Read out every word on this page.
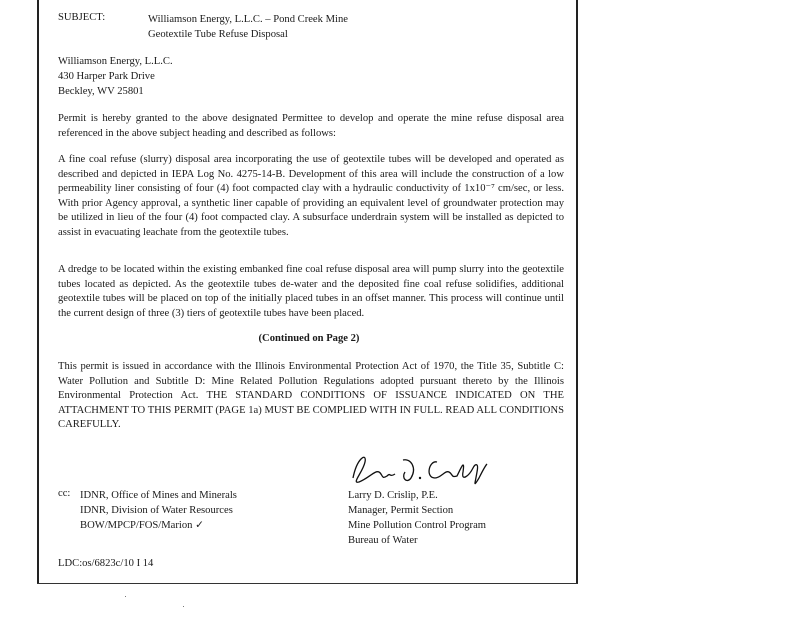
SUBJECT:	Williamson Energy, L.L.C. – Pond Creek Mine
Geotextile Tube Refuse Disposal
Williamson Energy, L.L.C.
430 Harper Park Drive
Beckley, WV 25801
Permit is hereby granted to the above designated Permittee to develop and operate the mine refuse disposal area referenced in the above subject heading and described as follows:
A fine coal refuse (slurry) disposal area incorporating the use of geotextile tubes will be developed and operated as described and depicted in IEPA Log No. 4275-14-B. Development of this area will include the construction of a low permeability liner consisting of four (4) foot compacted clay with a hydraulic conductivity of 1x10⁻⁷ cm/sec, or less. With prior Agency approval, a synthetic liner capable of providing an equivalent level of groundwater protection may be utilized in lieu of the four (4) foot compacted clay. A subsurface underdrain system will be installed as depicted to assist in evacuating leachate from the geotextile tubes.
A dredge to be located within the existing embanked fine coal refuse disposal area will pump slurry into the geotextile tubes located as depicted. As the geotextile tubes de-water and the deposited fine coal refuse solidifies, additional geotextile tubes will be placed on top of the initially placed tubes in an offset manner. This process will continue until the current design of three (3) tiers of geotextile tubes have been placed.
(Continued on Page 2)
This permit is issued in accordance with the Illinois Environmental Protection Act of 1970, the Title 35, Subtitle C: Water Pollution and Subtitle D: Mine Related Pollution Regulations adopted pursuant thereto by the Illinois Environmental Protection Act. THE STANDARD CONDITIONS OF ISSUANCE INDICATED ON THE ATTACHMENT TO THIS PERMIT (PAGE 1a) MUST BE COMPLIED WITH IN FULL. READ ALL CONDITIONS CAREFULLY.
Larry D. Crislip, P.E.
Manager, Permit Section
Mine Pollution Control Program
Bureau of Water
cc: IDNR, Office of Mines and Minerals
IDNR, Division of Water Resources
BOW/MPCP/FOS/Marion ✓
LDC:os/6823c/10 I 14
